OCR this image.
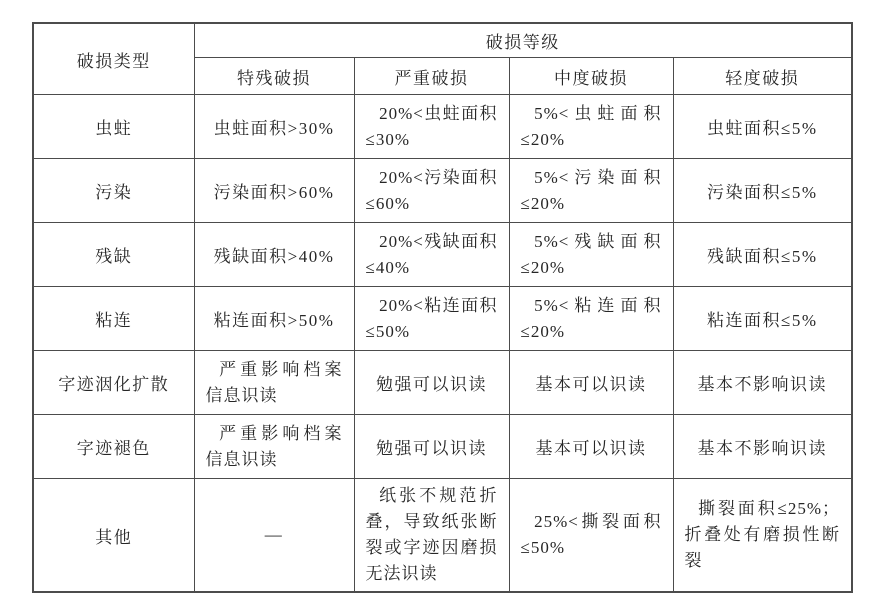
破损类型	破损等级			
	特残破损	严重破损	中度破损	轻度破损
虫蛀	虫蛀面积>30%	20%<虫蛀面积≤30%	5%<虫蛀面积≤20%	虫蛀面积≤5%
污染	污染面积>60%	20%<污染面积≤60%	5%<污染面积≤20%	污染面积≤5%
残缺	残缺面积>40%	20%<残缺面积≤40%	5%<残缺面积≤20%	残缺面积≤5%
粘连	粘连面积>50%	20%<粘连面积≤50%	5%<粘连面积≤20%	粘连面积≤5%
字迹洇化扩散	严重影响档案信息识读	勉强可以识读	基本可以识读	基本不影响识读
字迹褪色	严重影响档案信息识读	勉强可以识读	基本可以识读	基本不影响识读
其他	—	纸张不规范折叠，导致纸张断裂或字迹因磨损无法识读	25%<撕裂面积≤50%	撕裂面积≤25%；折叠处有磨损性断裂
